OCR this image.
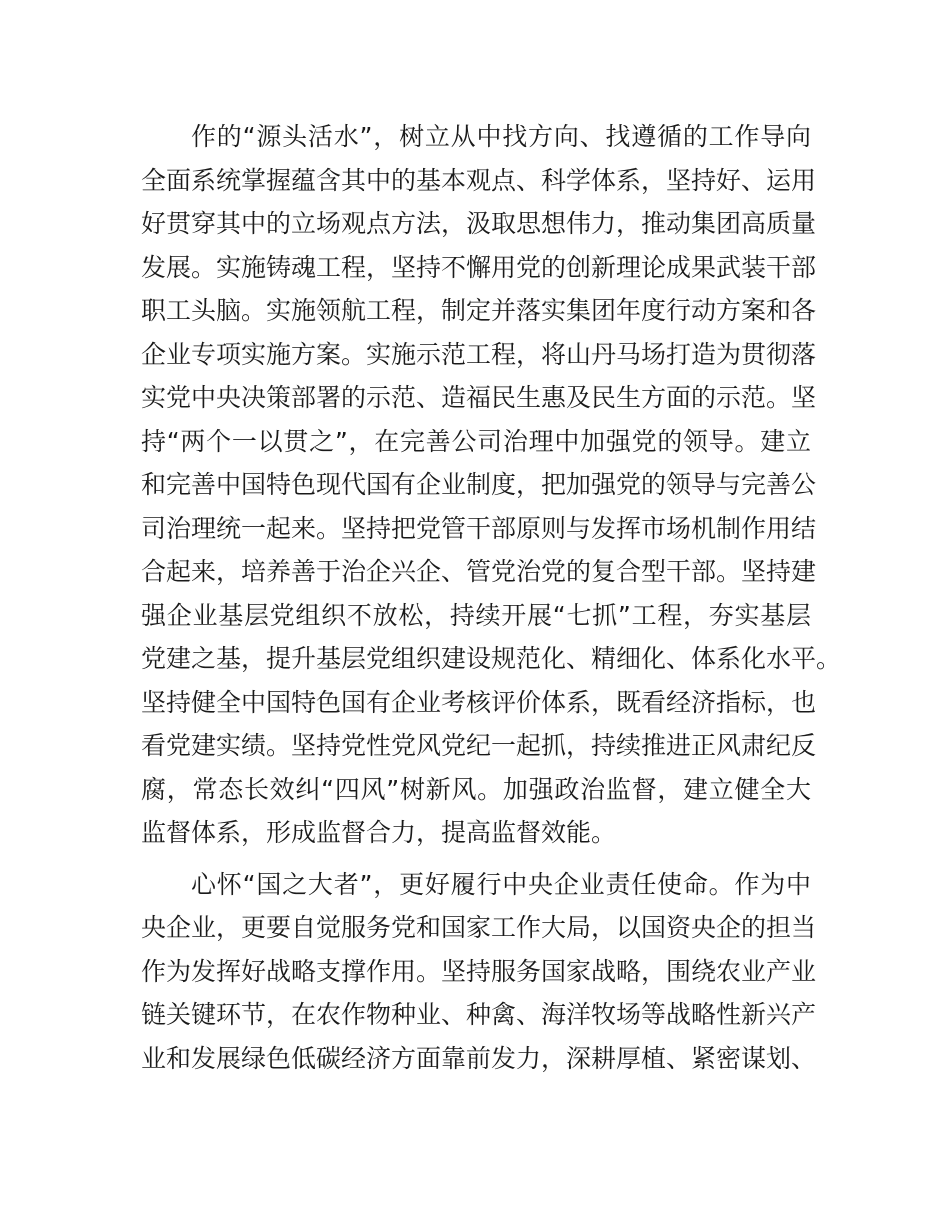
作的“源头活水”，树立从中找方向、找遵循的工作导向
全面系统掌握蕴含其中的基本观点、科学体系，坚持好、运用
好贯穿其中的立场观点方法，汲取思想伟力，推动集团高质量
发展。实施铸魂工程，坚持不懈用党的创新理论成果武装干部
职工头脑。实施领航工程，制定并落实集团年度行动方案和各
企业专项实施方案。实施示范工程，将山丹马场打造为贯彻落
实党中央决策部署的示范、造福民生惠及民生方面的示范。坚
持“两个一以贯之”，在完善公司治理中加强党的领导。建立
和完善中国特色现代国有企业制度，把加强党的领导与完善公
司治理统一起来。坚持把党管干部原则与发挥市场机制作用结
合起来，培养善于治企兴企、管党治党的复合型干部。坚持建
强企业基层党组织不放松，持续开展“七抓”工程，夯实基层
党建之基，提升基层党组织建设规范化、精细化、体系化水平。
坚持健全中国特色国有企业考核评价体系，既看经济指标，也
看党建实绩。坚持党性党风党纪一起抓，持续推进正风肃纪反
腐，常态长效纠“四风”树新风。加强政治监督，建立健全大
监督体系，形成监督合力，提高监督效能。
心怀“国之大者”，更好履行中央企业责任使命。作为中
央企业，更要自觉服务党和国家工作大局，以国资央企的担当
作为发挥好战略支撑作用。坚持服务国家战略，围绕农业产业
链关键环节，在农作物种业、种禽、海洋牧场等战略性新兴产
业和发展绿色低碳经济方面靠前发力，深耕厚植、紧密谋划、
